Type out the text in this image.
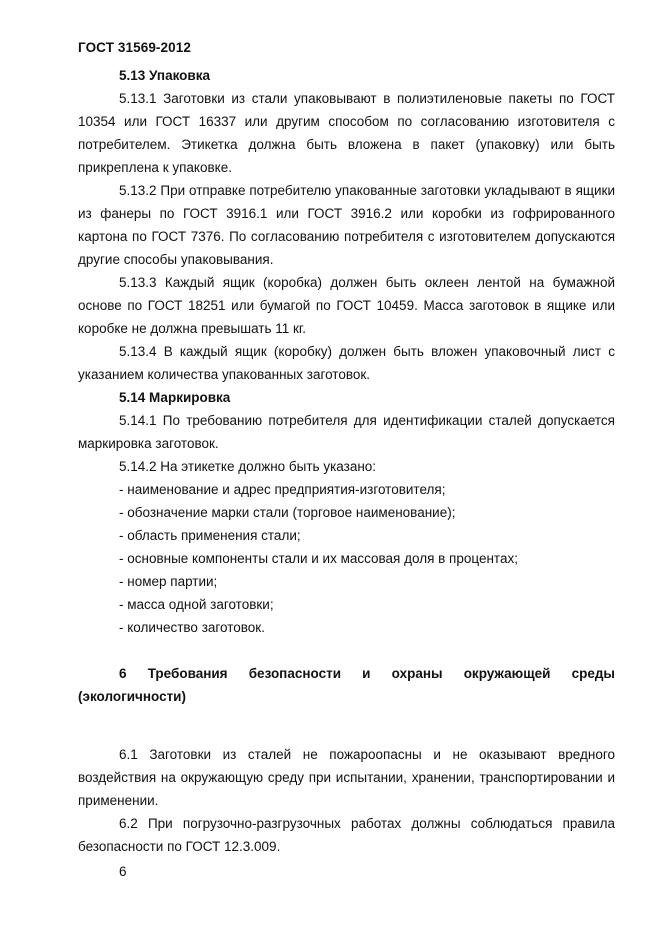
ГОСТ 31569-2012

5.13 Упаковка

5.13.1 Заготовки из стали упаковывают в полиэтиленовые пакеты по ГОСТ 10354 или ГОСТ 16337 или другим способом по согласованию изготовителя с потребителем. Этикетка должна быть вложена в пакет (упаковку) или быть прикреплена к упаковке.

5.13.2 При отправке потребителю упакованные заготовки укладывают в ящики из фанеры по ГОСТ 3916.1 или ГОСТ 3916.2 или коробки из гофрированного картона по ГОСТ 7376. По согласованию потребителя с изготовителем допускаются другие способы упаковывания.

5.13.3 Каждый ящик (коробка) должен быть оклеен лентой на бумажной основе по ГОСТ 18251 или бумагой по ГОСТ 10459. Масса заготовок в ящике или коробке не должна превышать 11 кг.

5.13.4 В каждый ящик (коробку) должен быть вложен упаковочный лист с указанием количества упакованных заготовок.

5.14 Маркировка

5.14.1 По требованию потребителя для идентификации сталей допускается маркировка заготовок.

5.14.2 На этикетке должно быть указано:

- наименование и адрес предприятия-изготовителя;

- обозначение марки стали (торговое наименование);

- область применения стали;

- основные компоненты стали и их массовая доля в процентах;

- номер партии;

- масса одной заготовки;

- количество заготовок.

6 Требования безопасности и охраны окружающей среды

(экологичности)

6.1 Заготовки из сталей не пожароопасны и не оказывают вредного воздействия на окружающую среду при испытании, хранении, транспортировании и применении.

6.2 При погрузочно-разгрузочных работах должны соблюдаться правила безопасности по ГОСТ 12.3.009.

6
